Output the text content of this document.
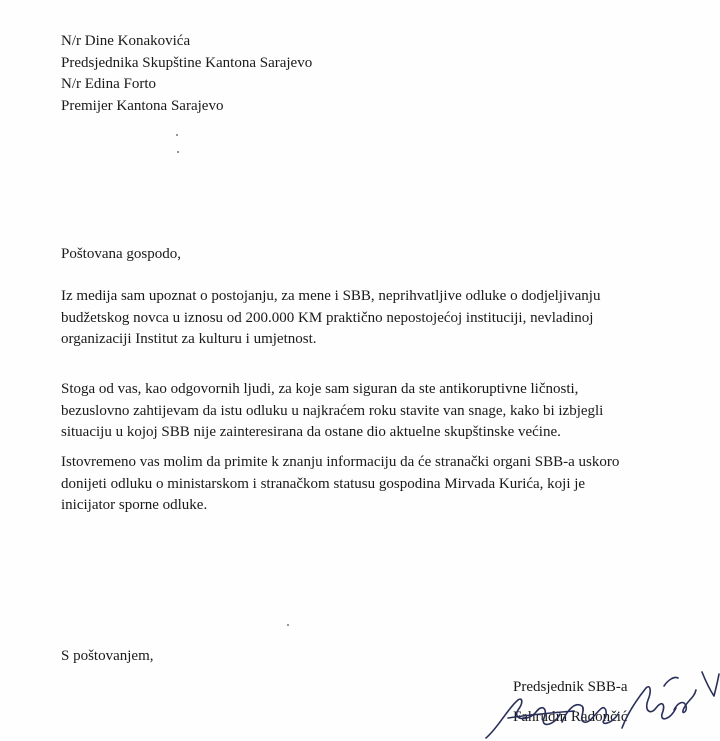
N/r Dine Konakovića
Predsjednika Skupštine Kantona Sarajevo
N/r Edina Forto
Premijer Kantona Sarajevo
Poštovana gospodo,
Iz medija sam upoznat o postojanju, za mene i SBB, neprihvatljive odluke o dodjeljivanju
budžetskog novca u iznosu od 200.000 KM praktično nepostojećoj instituciji, nevladinoj
organizaciji Institut za kulturu i umjetnost.
Stoga od vas, kao odgovornih ljudi, za koje sam siguran da ste antikoruptivne ličnosti,
bezuslovno zahtijevam da istu odluku u najkraćem roku stavite van snage, kako bi izbjegli
situaciju u kojoj SBB nije zainteresirana da ostane dio aktuelne skupštinske većine.
Istovremeno vas molim da primite k znanju informaciju da će stranački organi SBB-a uskoro
donijeti odluku o ministarskom i stranačkom statusu gospodina Mirvada Kurića, koji je
inicijator sporne odluke.
S poštovanjem,
Predsjednik SBB-a
Fahrudin Radončić
